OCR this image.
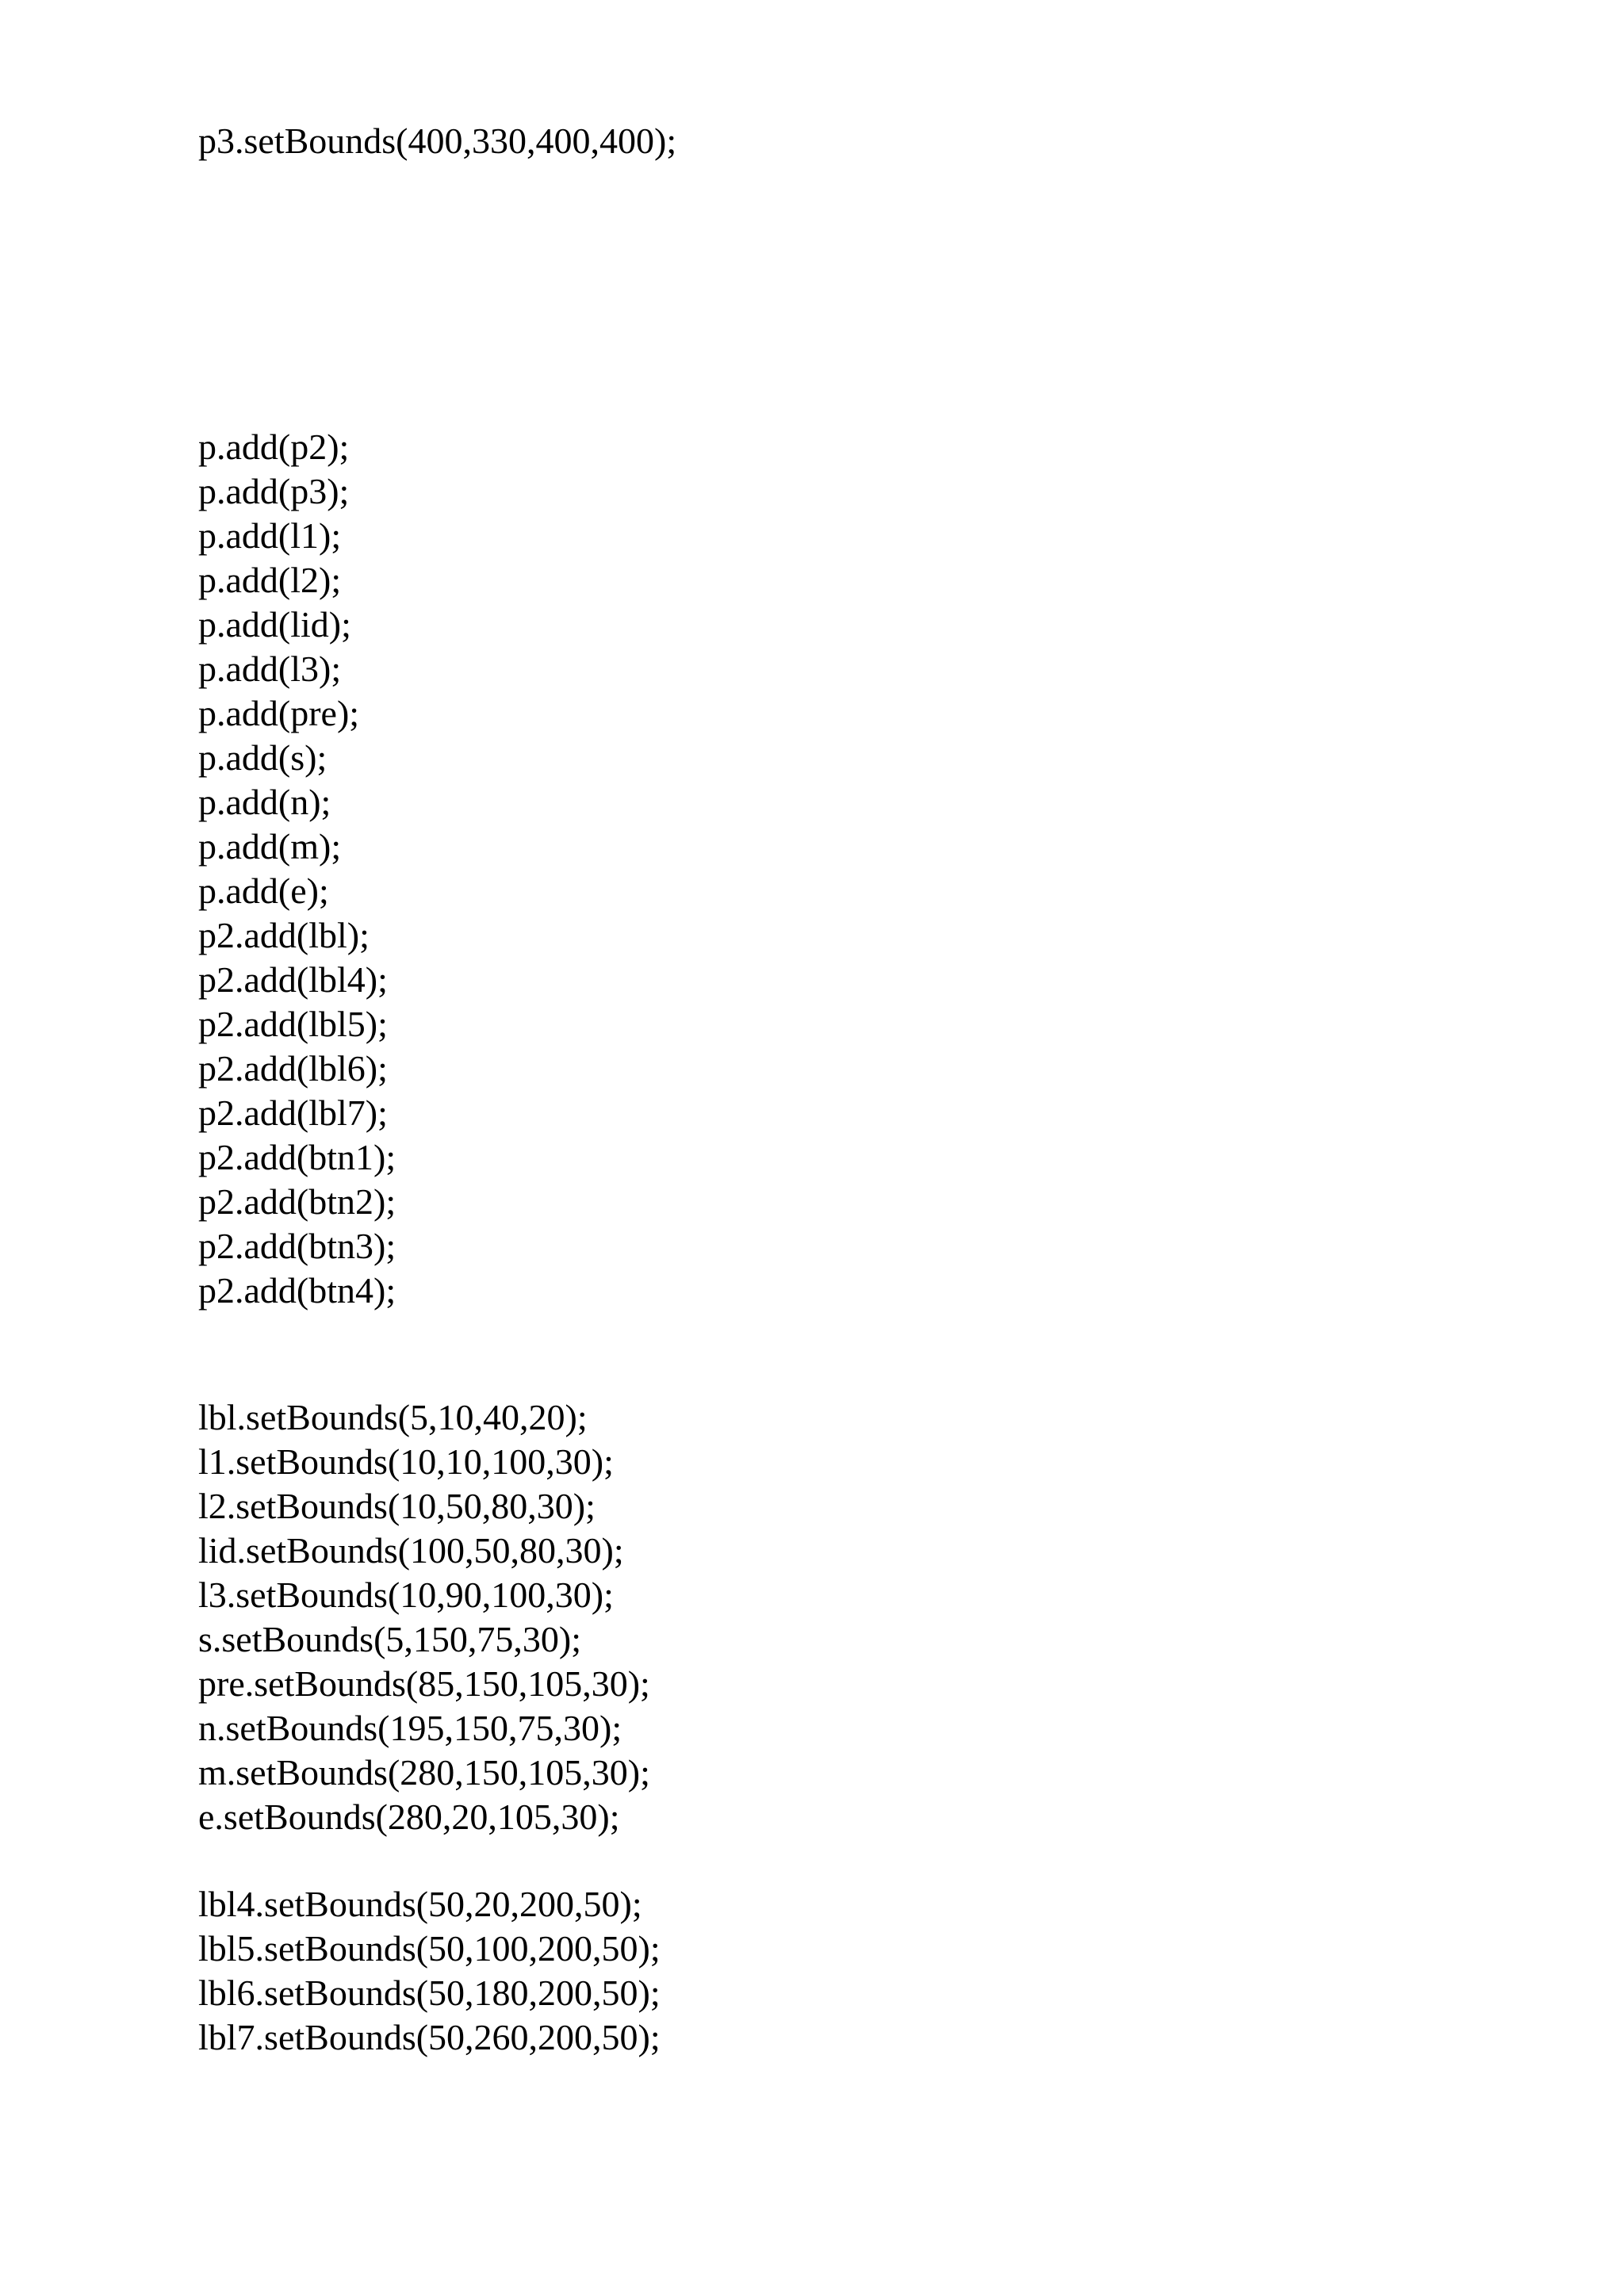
p3.setBounds(400,330,400,400);

p.add(p2);
p.add(p3);
p.add(l1);
p.add(l2);
p.add(lid);
p.add(l3);
p.add(pre);
p.add(s);
p.add(n);
p.add(m);
p.add(e);
p2.add(lbl);
p2.add(lbl4);
p2.add(lbl5);
p2.add(lbl6);
p2.add(lbl7);
p2.add(btn1);
p2.add(btn2);
p2.add(btn3);
p2.add(btn4);
lbl.setBounds(5,10,40,20);
l1.setBounds(10,10,100,30);
l2.setBounds(10,50,80,30);
lid.setBounds(100,50,80,30);
l3.setBounds(10,90,100,30);
s.setBounds(5,150,75,30);
pre.setBounds(85,150,105,30);
n.setBounds(195,150,75,30);
m.setBounds(280,150,105,30);
e.setBounds(280,20,105,30);
lbl4.setBounds(50,20,200,50);
lbl5.setBounds(50,100,200,50);
lbl6.setBounds(50,180,200,50);
lbl7.setBounds(50,260,200,50);
